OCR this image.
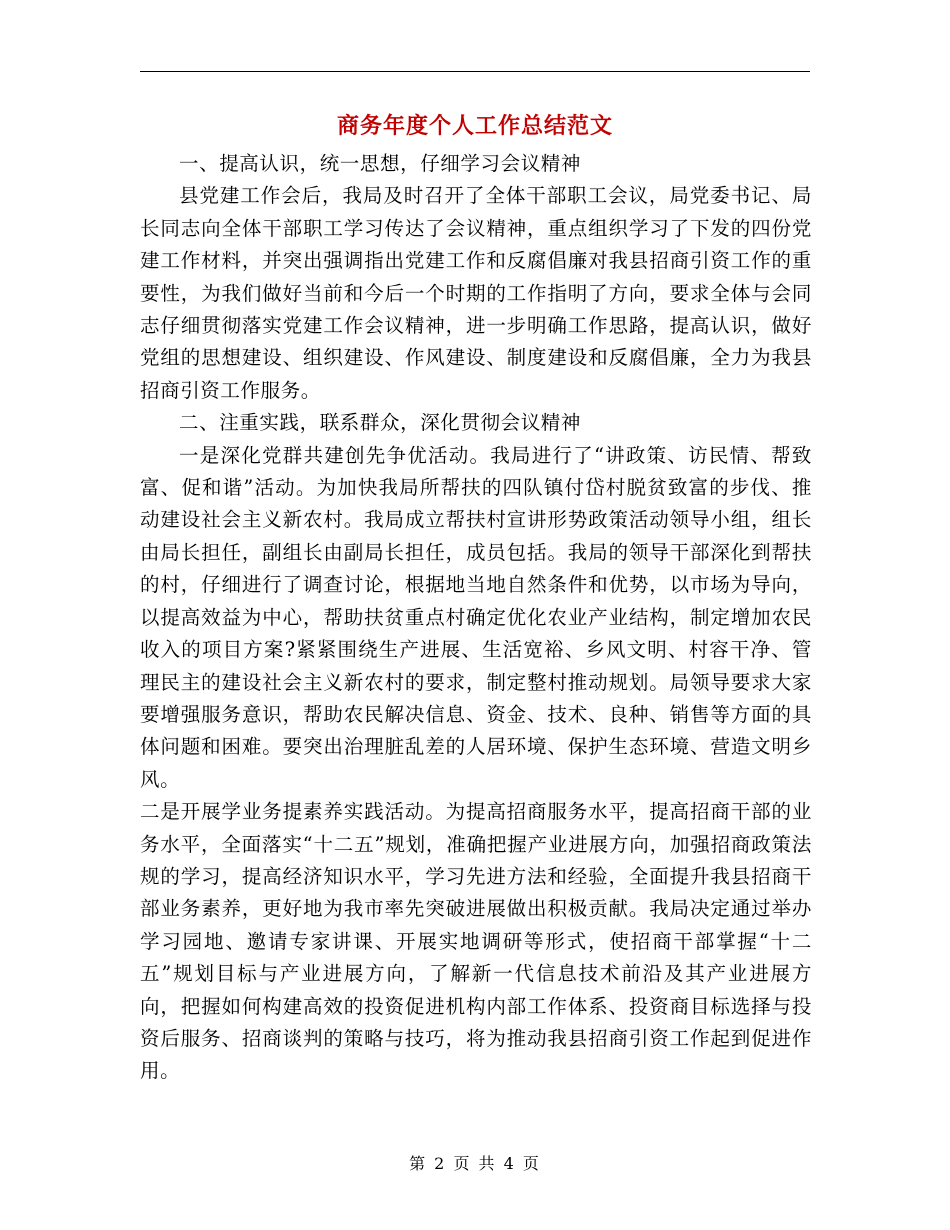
商务年度个人工作总结范文

一、提高认识，统一思想，仔细学习会议精神

县党建工作会后，我局及时召开了全体干部职工会议，局党委书记、局长同志向全体干部职工学习传达了会议精神，重点组织学习了下发的四份党建工作材料，并突出强调指出党建工作和反腐倡廉对我县招商引资工作的重要性，为我们做好当前和今后一个时期的工作指明了方向，要求全体与会同志仔细贯彻落实党建工作会议精神，进一步明确工作思路，提高认识，做好党组的思想建设、组织建设、作风建设、制度建设和反腐倡廉，全力为我县招商引资工作服务。

二、注重实践，联系群众，深化贯彻会议精神

一是深化党群共建创先争优活动。我局进行了“讲政策、访民情、帮致富、促和谐”活动。为加快我局所帮扶的四队镇付岱村脱贫致富的步伐、推动建设社会主义新农村。我局成立帮扶村宣讲形势政策活动领导小组，组长由局长担任，副组长由副局长担任，成员包括。我局的领导干部深化到帮扶的村，仔细进行了调查讨论，根据地当地自然条件和优势，以市场为导向，以提高效益为中心，帮助扶贫重点村确定优化农业产业结构，制定增加农民收入的项目方案?紧紧围绕生产进展、生活宽裕、乡风文明、村容干净、管理民主的建设社会主义新农村的要求，制定整村推动规划。局领导要求大家要增强服务意识，帮助农民解决信息、资金、技术、良种、销售等方面的具体问题和困难。要突出治理脏乱差的人居环境、保护生态环境、营造文明乡风。

二是开展学业务提素养实践活动。为提高招商服务水平，提高招商干部的业务水平，全面落实“十二五”规划，准确把握产业进展方向，加强招商政策法规的学习，提高经济知识水平，学习先进方法和经验，全面提升我县招商干部业务素养，更好地为我市率先突破进展做出积极贡献。我局决定通过举办学习园地、邀请专家讲课、开展实地调研等形式，使招商干部掌握“十二五”规划目标与产业进展方向，了解新一代信息技术前沿及其产业进展方向，把握如何构建高效的投资促进机构内部工作体系、投资商目标选择与投资后服务、招商谈判的策略与技巧，将为推动我县招商引资工作起到促进作用。

第 2 页 共 4 页
